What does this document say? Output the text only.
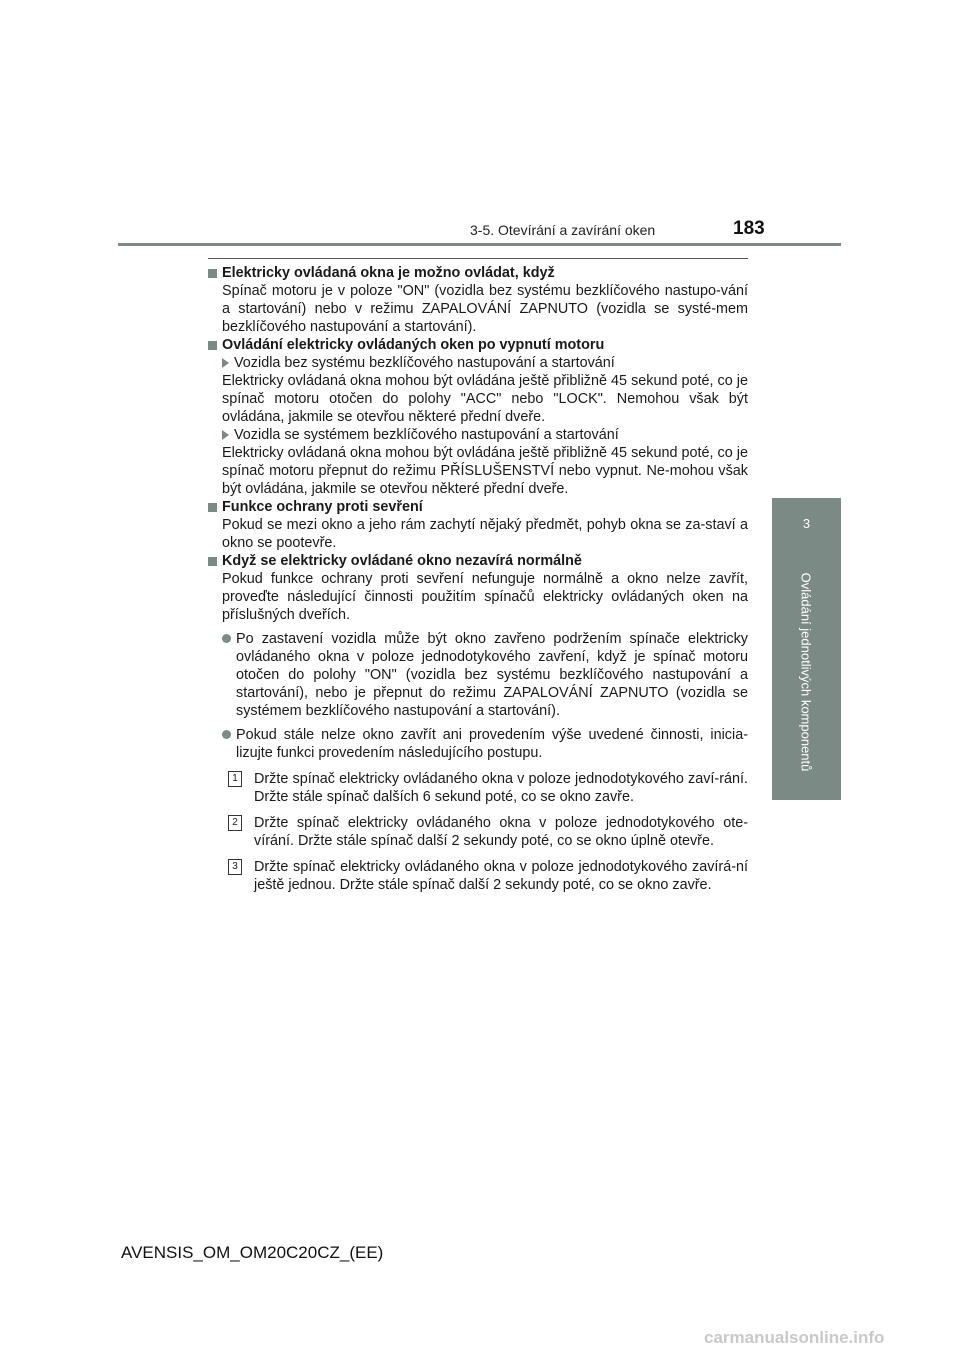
3-5. Otevírání a zavírání oken	183
3
Ovládání jednotlivých komponentů

Elektricky ovládaná okna je možno ovládat, když

Spínač motoru je v poloze "ON" (vozidla bez systému bezklíčového nastupo-vání a startování) nebo v režimu ZAPALOVÁNÍ ZAPNUTO (vozidla se systé-mem bezklíčového nastupování a startování).

Ovládání elektricky ovládaných oken po vypnutí motoru

Vozidla bez systému bezklíčového nastupování a startování

Elektricky ovládaná okna mohou být ovládána ještě přibližně 45 sekund poté, co je spínač motoru otočen do polohy "ACC" nebo "LOCK". Nemohou však být ovládána, jakmile se otevřou některé přední dveře.

Vozidla se systémem bezklíčového nastupování a startování

Elektricky ovládaná okna mohou být ovládána ještě přibližně 45 sekund poté, co je spínač motoru přepnut do režimu PŘÍSLUŠENSTVÍ nebo vypnut. Ne-mohou však být ovládána, jakmile se otevřou některé přední dveře.

Funkce ochrany proti sevření

Pokud se mezi okno a jeho rám zachytí nějaký předmět, pohyb okna se za-staví a okno se pootevře.

Když se elektricky ovládané okno nezavírá normálně

Pokud funkce ochrany proti sevření nefunguje normálně a okno nelze zavřít, proveďte následující činnosti použitím spínačů elektricky ovládaných oken na příslušných dveřích.

Po zastavení vozidla může být okno zavřeno podržením spínače elektricky ovládaného okna v poloze jednodotykového zavření, když je spínač motoru otočen do polohy "ON" (vozidla bez systému bezklíčového nastupování a startování), nebo je přepnut do režimu ZAPALOVÁNÍ ZAPNUTO (vozidla se systémem bezklíčového nastupování a startování).
Pokud stále nelze okno zavřít ani provedením výše uvedené činnosti, inicia-lizujte funkci provedením následujícího postupu.
1 Držte spínač elektricky ovládaného okna v poloze jednodotykového zaví-rání. Držte stále spínač dalších 6 sekund poté, co se okno zavře.
2 Držte spínač elektricky ovládaného okna v poloze jednodotykového ote-vírání. Držte stále spínač další 2 sekundy poté, co se okno úplně otevře.
3 Držte spínač elektricky ovládaného okna v poloze jednodotykového zavírá-ní ještě jednou. Držte stále spínač další 2 sekundy poté, co se okno zavře.
AVENSIS_OM_OM20C20CZ_(EE)
carmanualsonline.info
